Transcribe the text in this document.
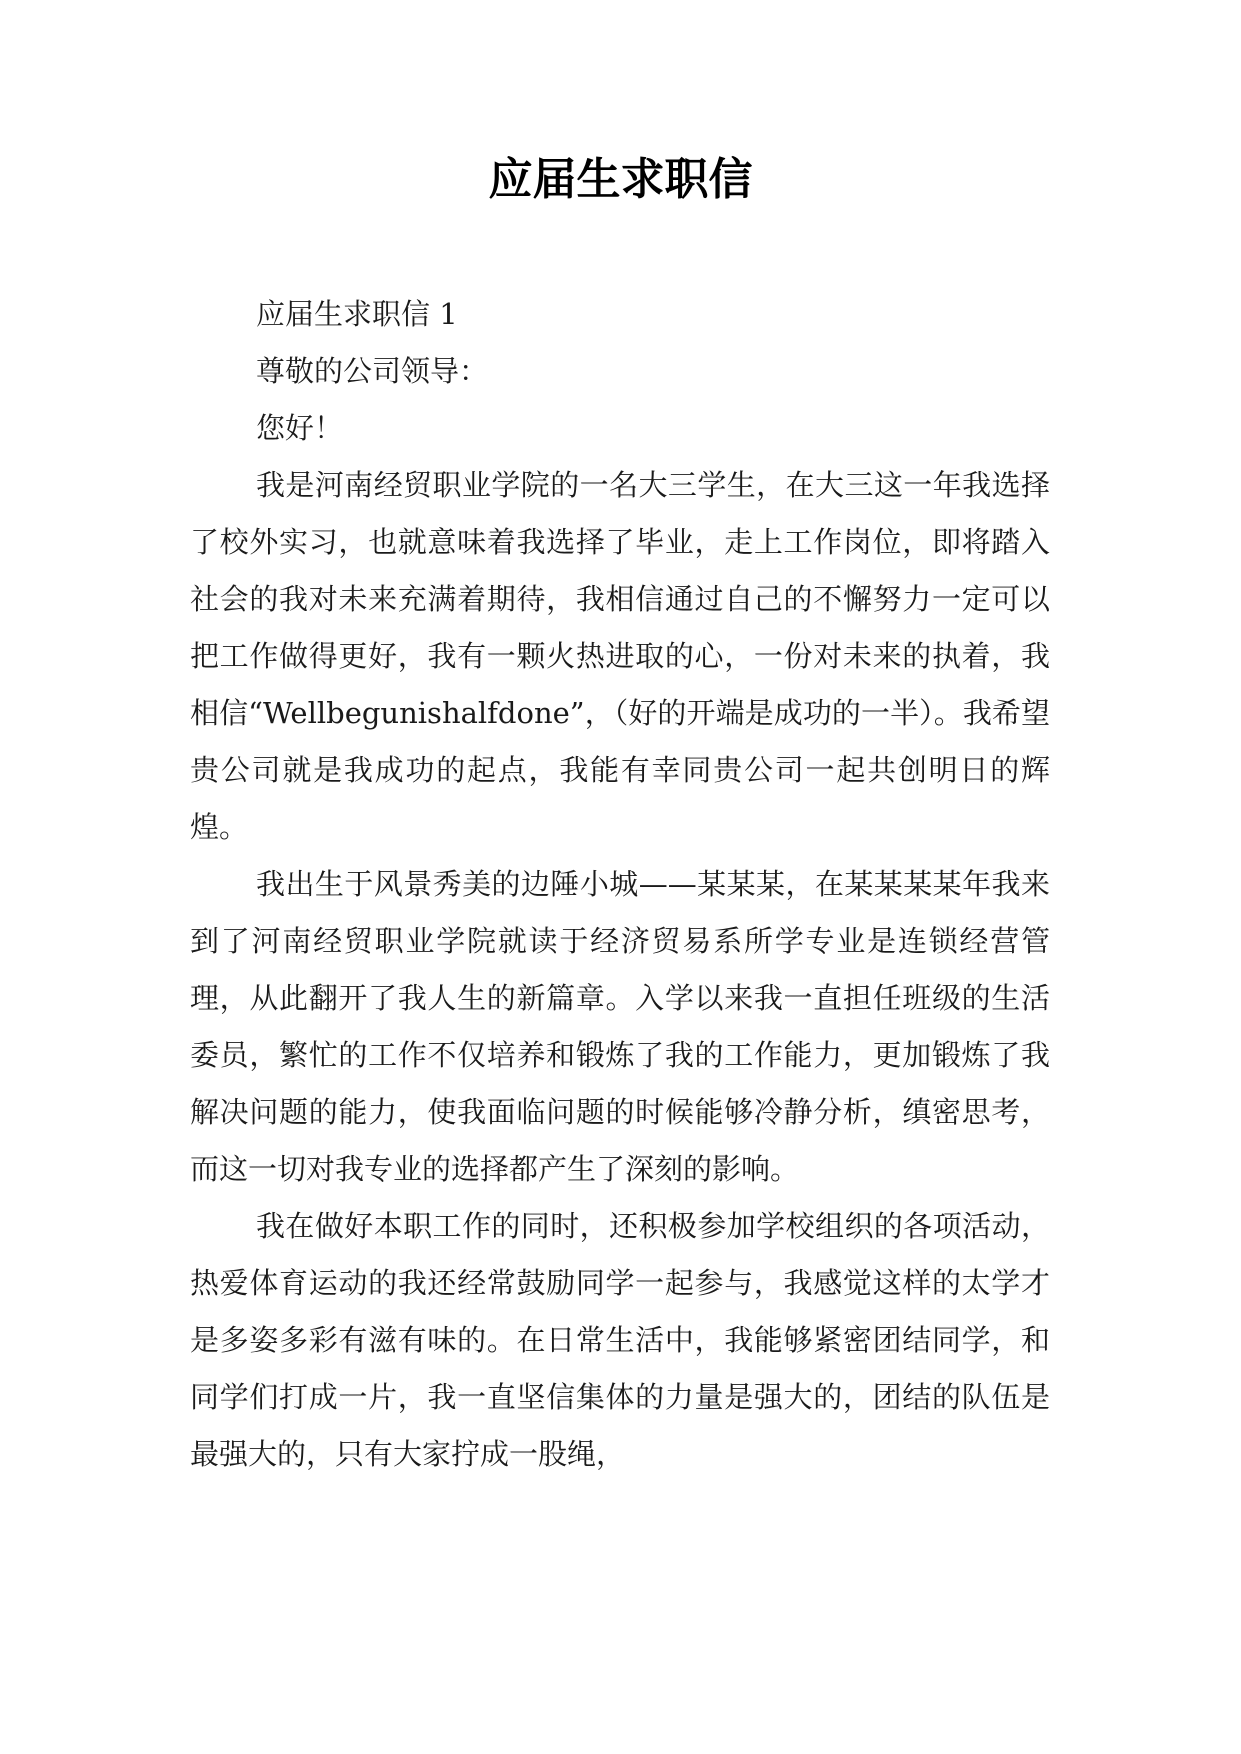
应届生求职信

应届生求职信 1

尊敬的公司领导：

您好！

我是河南经贸职业学院的一名大三学生，在大三这一年我选择了校外实习，也就意味着我选择了毕业，走上工作岗位，即将踏入社会的我对未来充满着期待，我相信通过自己的不懈努力一定可以把工作做得更好，我有一颗火热进取的心，一份对未来的执着，我相信“Wellbegunishalfdone”，（好的开端是成功的一半）。我希望贵公司就是我成功的起点，我能有幸同贵公司一起共创明日的辉煌。

我出生于风景秀美的边陲小城——某某某，在某某某某年我来到了河南经贸职业学院就读于经济贸易系所学专业是连锁经营管理，从此翻开了我人生的新篇章。入学以来我一直担任班级的生活委员，繁忙的工作不仅培养和锻炼了我的工作能力，更加锻炼了我解决问题的能力，使我面临问题的时候能够冷静分析，缜密思考，而这一切对我专业的选择都产生了深刻的影响。

我在做好本职工作的同时，还积极参加学校组织的各项活动，热爱体育运动的我还经常鼓励同学一起参与，我感觉这样的太学才是多姿多彩有滋有味的。在日常生活中，我能够紧密团结同学，和同学们打成一片，我一直坚信集体的力量是强大的，团结的队伍是最强大的，只有大家拧成一股绳，
